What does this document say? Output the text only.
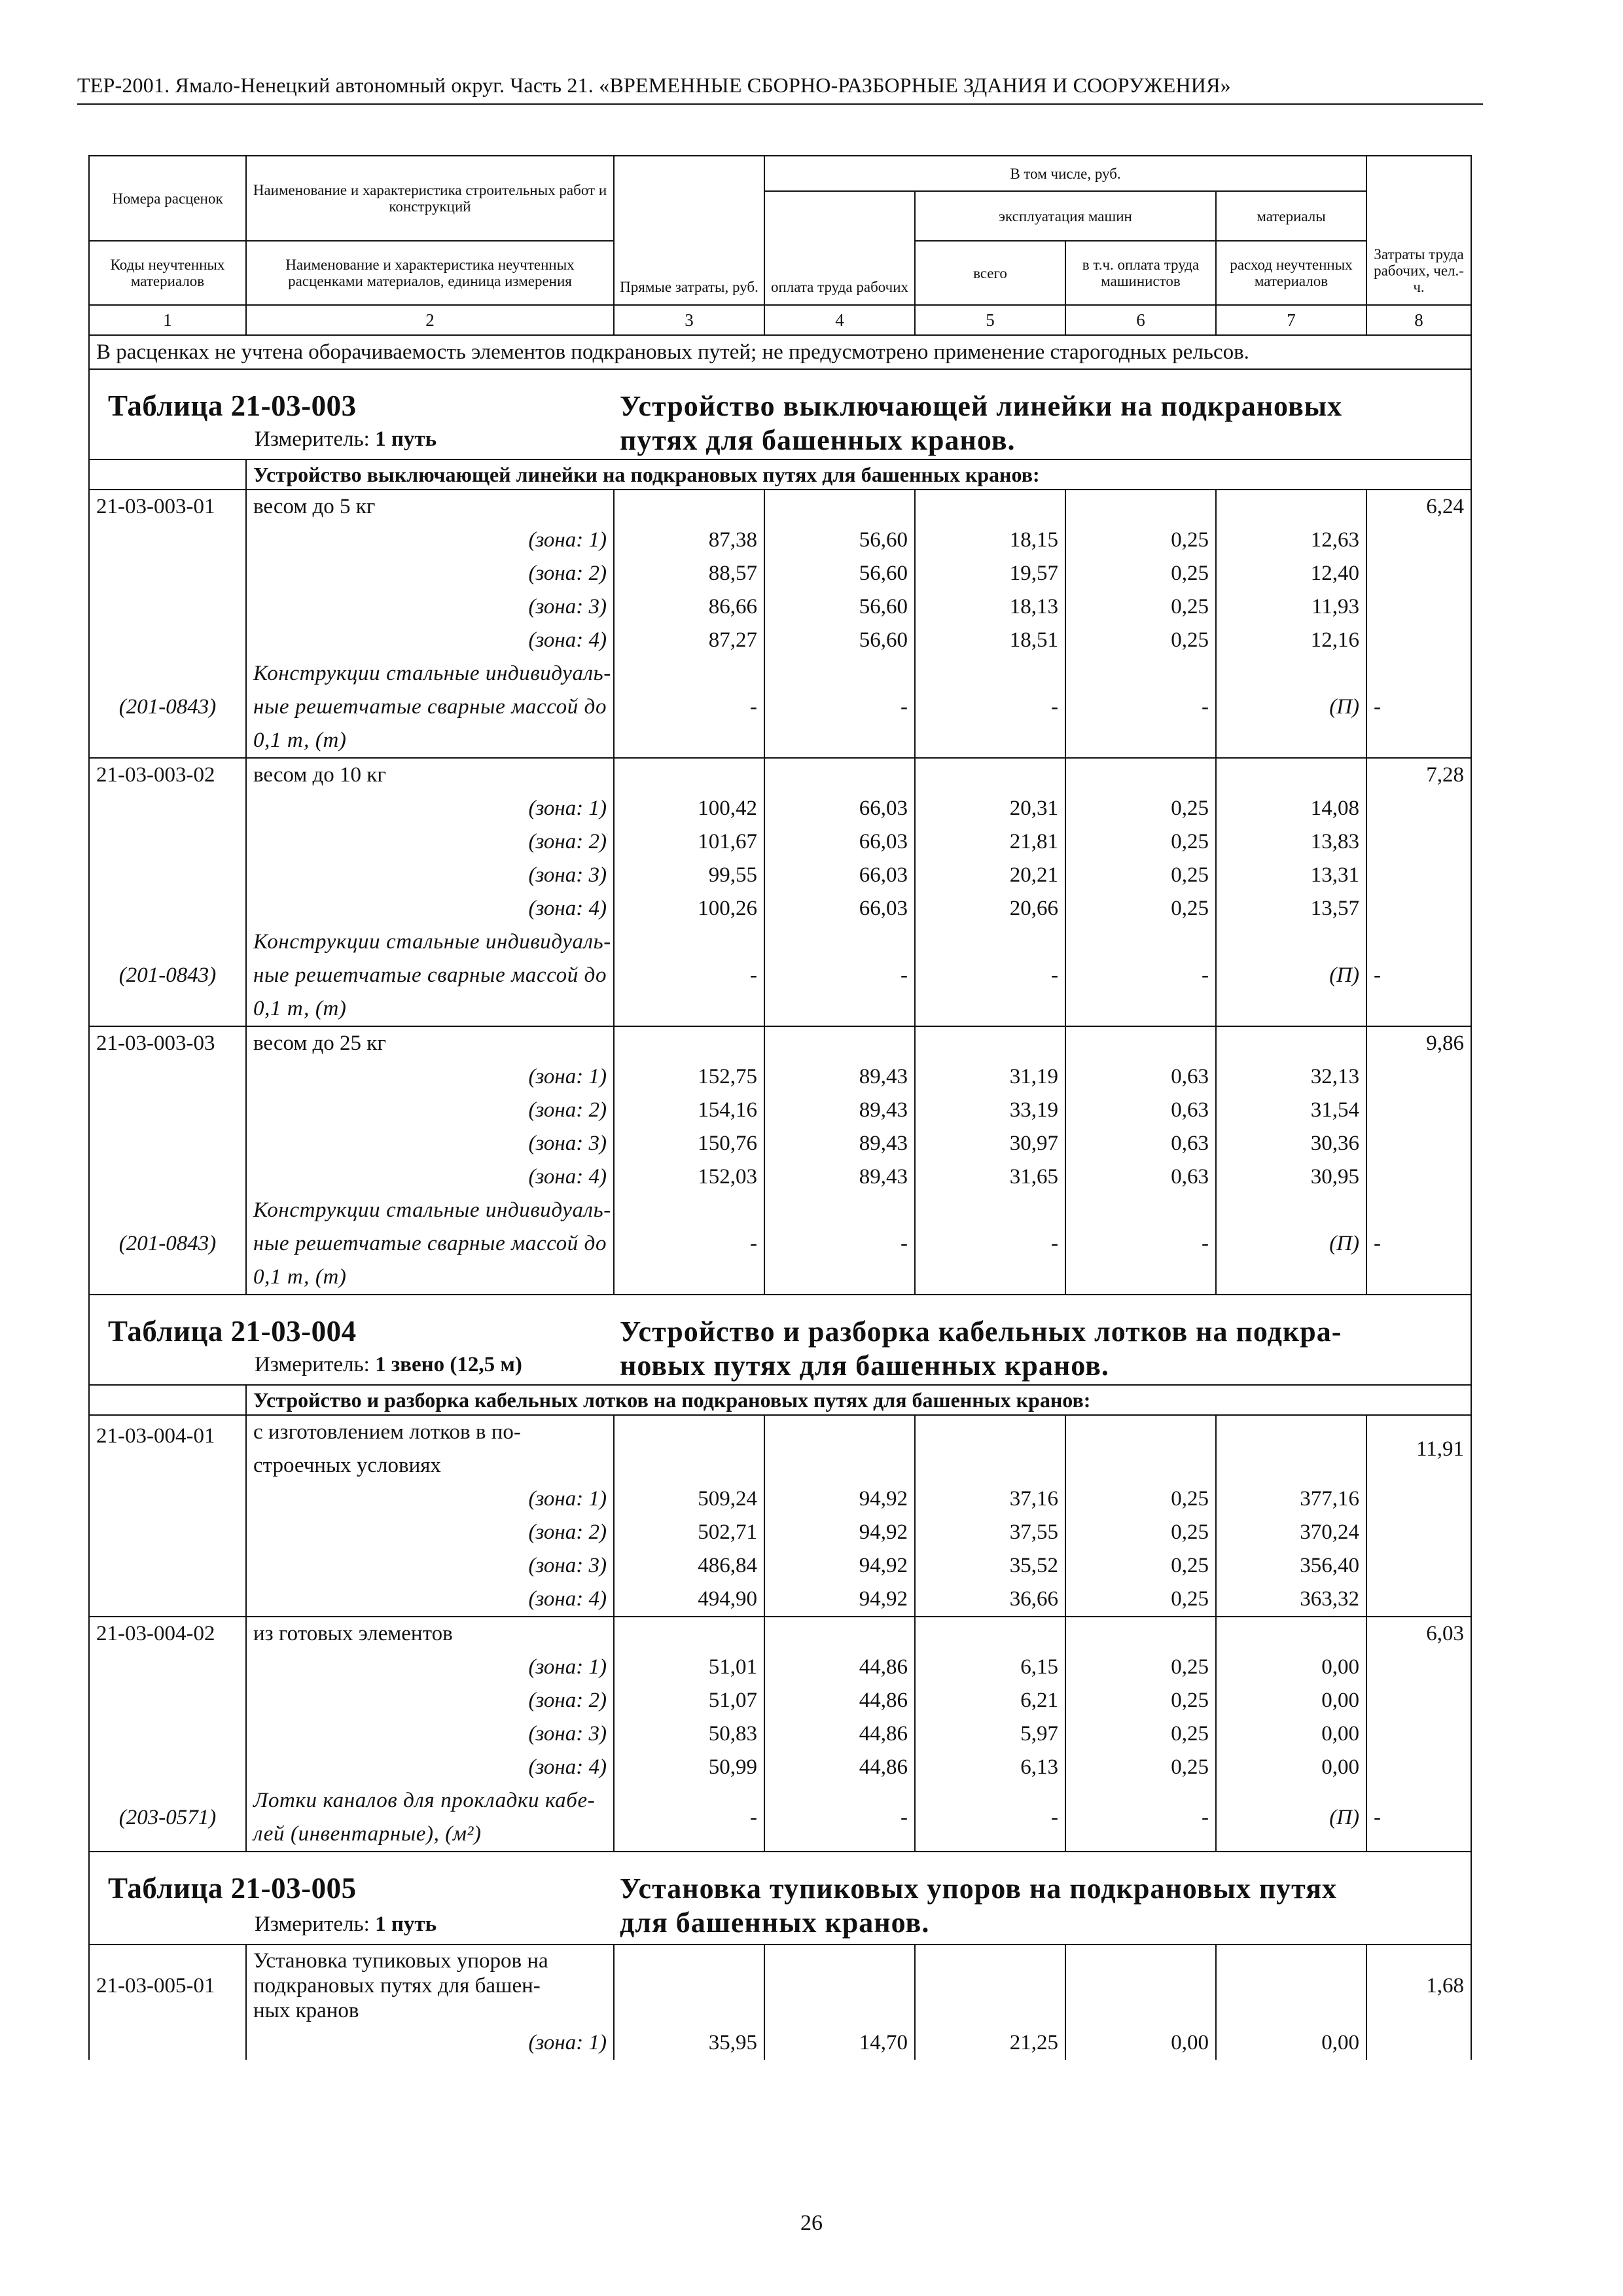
ТЕР-2001. Ямало-Ненецкий автономный округ. Часть 21. «ВРЕМЕННЫЕ СБОРНО-РАЗБОРНЫЕ ЗДАНИЯ И СООРУЖЕНИЯ»
Номера расценок	Наименование и характеристика строительных работ и конструкций	Прямые затраты, руб.	В том числе, руб.				Затраты труда рабочих, чел.-ч.
			оплата труда рабочих	эксплуатация машин		материалы	
Коды неучтенных материалов	Наименование и характеристика неучтенных расценками материалов, единица измерения			всего	в т.ч. оплата труда машинистов	расход неучтенных материалов	
1	2	3	4	5	6	7	8
В расценках не учтена оборачиваемость элементов подкрановых путей; не предусмотрено применение старогодных рельсов.							

Таблица 21-03-003 Устройство выключающей линейки на подкрановых путях для башенных кранов.
Измеритель: 1 путь							

	Устройство выключающей линейки на подкрановых путях для башенных кранов:						
21-03-003-01	весом до 5 кг						6,24
	(зона: 1)	87,38	56,60	18,15	0,25	12,63	
	(зона: 2)	88,57	56,60	19,57	0,25	12,40	
	(зона: 3)	86,66	56,60	18,13	0,25	11,93	
	(зона: 4)	87,27	56,60	18,51	0,25	12,16	
(201-0843)	Конструкции стальные индивидуаль-
ные решетчатые сварные массой до
0,1 т, (т)	-	-	-	-	(П)	-
21-03-003-02	весом до 10 кг						7,28
	(зона: 1)	100,42	66,03	20,31	0,25	14,08	
	(зона: 2)	101,67	66,03	21,81	0,25	13,83	
	(зона: 3)	99,55	66,03	20,21	0,25	13,31	
	(зона: 4)	100,26	66,03	20,66	0,25	13,57	
(201-0843)	Конструкции стальные индивидуаль-
ные решетчатые сварные массой до
0,1 т, (т)	-	-	-	-	(П)	-
21-03-003-03	весом до 25 кг						9,86
	(зона: 1)	152,75	89,43	31,19	0,63	32,13	
	(зона: 2)	154,16	89,43	33,19	0,63	31,54	
	(зона: 3)	150,76	89,43	30,97	0,63	30,36	
	(зона: 4)	152,03	89,43	31,65	0,63	30,95	
(201-0843)	Конструкции стальные индивидуаль-
ные решетчатые сварные массой до
0,1 т, (т)	-	-	-	-	(П)	-

Таблица 21-03-004 Устройство и разборка кабельных лотков на подкра-
новых путях для башенных кранов.
Измеритель: 1 звено (12,5 м)							

	Устройство и разборка кабельных лотков на подкрановых путях для башенных кранов:						
21-03-004-01	с изготовлением лотков в по-
строечных условиях						11,91
	(зона: 1)	509,24	94,92	37,16	0,25	377,16	
	(зона: 2)	502,71	94,92	37,55	0,25	370,24	
	(зона: 3)	486,84	94,92	35,52	0,25	356,40	
	(зона: 4)	494,90	94,92	36,66	0,25	363,32	
21-03-004-02	из готовых элементов						6,03
	(зона: 1)	51,01	44,86	6,15	0,25	0,00	
	(зона: 2)	51,07	44,86	6,21	0,25	0,00	
	(зона: 3)	50,83	44,86	5,97	0,25	0,00	
	(зона: 4)	50,99	44,86	6,13	0,25	0,00	
(203-0571)	Лотки каналов для прокладки кабе-
лей (инвентарные), (м²)	-	-	-	-	(П)	-

Таблица 21-03-005 Установка тупиковых упоров на подкрановых путях
для башенных кранов.
Измеритель: 1 путь							

21-03-005-01	Установка тупиковых упоров на
подкрановых путях для башен-
ных кранов						1,68
	(зона: 1)	35,95	14,70	21,25	0,00	0,00	
26
